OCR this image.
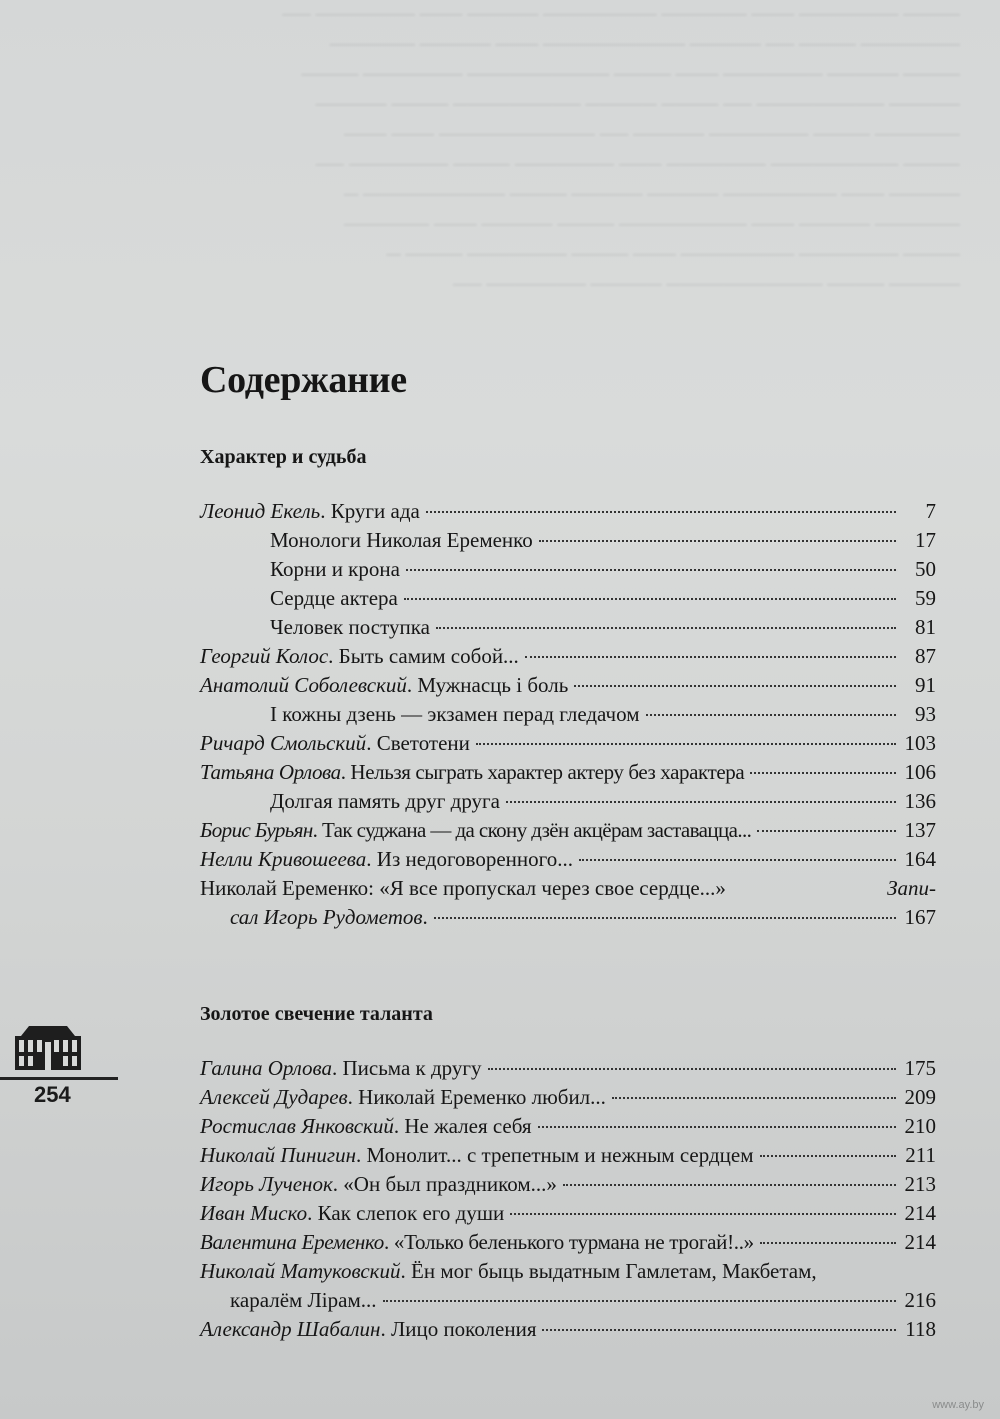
──── ─────── ─── ────── ──────── ───── ─── ─────── ──
─────── ──── ── ───── ────────── ─── ───── ──────
──── ───── ─────── ─── ──── ────────── ─────── ────
───── ───────── ── ──── ───── ───────── ──── ─────
────── ──── ─────── ───── ── ─────────── ─── ───
──── ───────── ─────── ─── ─────── ──── ─────── ──
───── ─── ──────── ───── ───── ──── ────────── ─
────── ───── ─── ───────── ──── ───── ─── ──────
──── ─────── ──────── ─── ──── ─────── ──── ─
───── ──── ─────────── ───── ─────── ──
Содержание
Характер и судьба
Леонид Екель. Круги ада	7
Монологи Николая Еременко	17
Корни и крона	50
Сердце актера	59
Человек поступка	81
Георгий Колос. Быть самим собой...	87
Анатолий Соболевский. Мужнасць і боль	91
І кожны дзень — экзамен перад гледачом	93
Ричард Смольский. Светотени	103
Татьяна Орлова. Нельзя сыграть характер актеру без характера	106
Долгая память друг друга	136
Борис Бурьян. Так суджана — да скону дзён акцёрам заставацца...	137
Нелли Кривошеева. Из недоговоренного...	164
Николай Еременко: «Я все пропускал через свое сердце...»	Запи-
сал Игорь Рудометов .	167
Золотое свечение таланта
Галина Орлова. Письма к другу	175
Алексей Дударев. Николай Еременко любил...	209
Ростислав Янковский. Не жалея себя	210
Николай Пинигин. Монолит... с трепетным и нежным сердцем	211
Игорь Лученок. «Он был праздником...»	213
Иван Миско. Как слепок его души	214
Валентина Еременко. «Только беленького турмана не трогай!..»	214
Николай Матуковский . Ён мог быць выдатным Гамлетам, Макбетам,
каралём Лірам...	216
Александр Шабалин. Лицо поколения	118
254
www.ay.by
